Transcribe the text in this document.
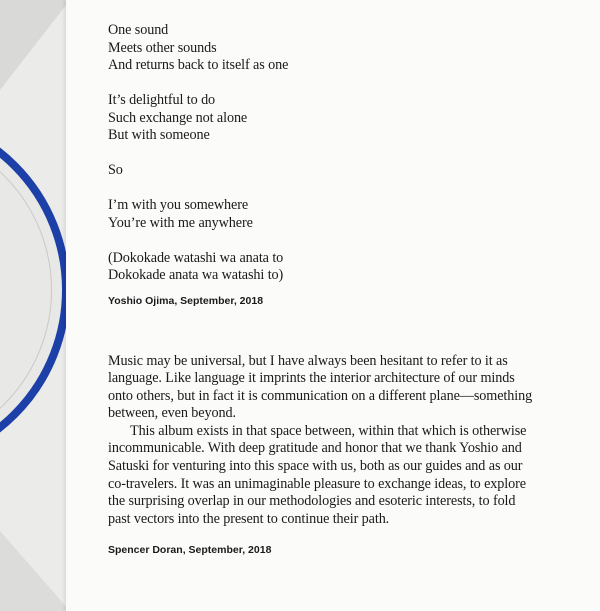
One sound
Meets other sounds
And returns back to itself as one
It’s delightful to do
Such exchange not alone
But with someone
So
I’m with you somewhere
You’re with me anywhere
(Dokokade watashi wa anata to
Dokokade anata wa watashi to)
Yoshio Ojima, September, 2018

Music may be universal, but I have always been hesitant to refer to it as language. Like language it imprints the interior architecture of our minds onto others, but in fact it is communication on a different plane—something between, even beyond.

This album exists in that space between, within that which is otherwise incommunicable. With deep gratitude and honor that we thank Yoshio and Satuski for venturing into this space with us, both as our guides and as our co-travelers. It was an unimaginable pleasure to exchange ideas, to explore the surprising overlap in our methodologies and esoteric interests, to fold past vectors into the present to continue their path.

Spencer Doran, September, 2018
